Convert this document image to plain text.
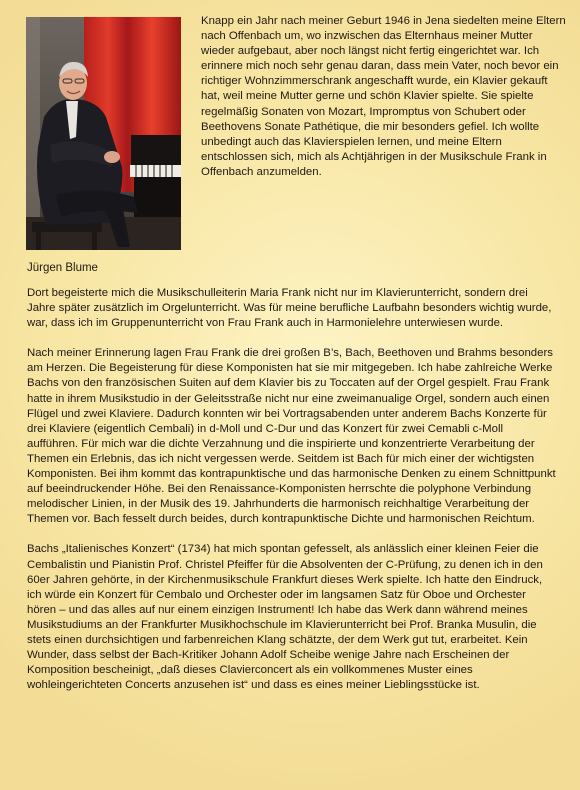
Jürgen Blume

Knapp ein Jahr nach meiner Geburt 1946 in Jena siedelten meine Eltern nach Offenbach um, wo inzwischen das Elternhaus meiner Mutter wieder aufgebaut, aber noch längst nicht fertig eingerichtet war. Ich erinnere mich noch sehr genau daran, dass mein Vater, noch bevor ein richtiger Wohnzimmerschrank angeschafft wurde, ein Klavier gekauft hat, weil meine Mutter gerne und schön Klavier spielte. Sie spielte regelmäßig Sonaten von Mozart, Impromptus von Schubert oder Beethovens Sonate Pathétique, die mir besonders gefiel. Ich wollte unbedingt auch das Klavierspielen lernen, und meine Eltern entschlossen sich, mich als Achtjährigen in der Musikschule Frank in Offenbach anzumelden.

Dort begeisterte mich die Musikschulleiterin Maria Frank nicht nur im Klavierunterricht, sondern drei Jahre später zusätzlich im Orgelunterricht. Was für meine berufliche Laufbahn besonders wichtig wurde, war, dass ich im Gruppenunterricht von Frau Frank auch in Harmonielehre unterwiesen wurde.

Nach meiner Erinnerung lagen Frau Frank die drei großen B’s, Bach, Beethoven und Brahms besonders am Herzen. Die Begeisterung für diese Komponisten hat sie mir mitgegeben. Ich habe zahlreiche Werke Bachs von den französischen Suiten auf dem Klavier bis zu Toccaten auf der Orgel gespielt. Frau Frank hatte in ihrem Musikstudio in der Geleitsstraße nicht nur eine zweimanualige Orgel, sondern auch einen Flügel und zwei Klaviere. Dadurch konnten wir bei Vortragsabenden unter anderem Bachs Konzerte für drei Klaviere (eigentlich Cembali) in d-Moll und C-Dur und das Konzert für zwei Cemabli c-Moll aufführen. Für mich war die dichte Verzahnung und die inspirierte und konzentrierte Verarbeitung der Themen ein Erlebnis, das ich nicht vergessen werde. Seitdem ist Bach für mich einer der wichtigsten Komponisten. Bei ihm kommt das kontrapunktische und das harmonische Denken zu einem Schnittpunkt auf beeindruckender Höhe. Bei den Renaissance-Komponisten herrschte die polyphone Verbindung melodischer Linien, in der Musik des 19. Jahrhunderts die harmonisch reichhaltige Verarbeitung der Themen vor. Bach fesselt durch beides, durch kontrapunktische Dichte und harmonischen Reichtum.

Bachs „Italienisches Konzert“ (1734) hat mich spontan gefesselt, als anlässlich einer kleinen Feier die Cembalistin und Pianistin Prof. Christel Pfeiffer für die Absolventen der C-Prüfung, zu denen ich in den 60er Jahren gehörte, in der Kirchenmusikschule Frankfurt dieses Werk spielte. Ich hatte den Eindruck, ich würde ein Konzert für Cembalo und Orchester oder im langsamen Satz für Oboe und Orchester hören – und das alles auf nur einem einzigen Instrument! Ich habe das Werk dann während meines Musikstudiums an der Frankfurter Musikhochschule im Klavierunterricht bei Prof. Branka Musulin, die stets einen durchsichtigen und farbenreichen Klang schätzte, der dem Werk gut tut, erarbeitet. Kein Wunder, dass selbst der Bach-Kritiker Johann Adolf Scheibe wenige Jahre nach Erscheinen der Komposition bescheinigt, „daß dieses Clavierconcert als ein vollkommenes Muster eines wohleingerichteten Concerts anzusehen ist“ und dass es eines meiner Lieblingsstücke ist.
